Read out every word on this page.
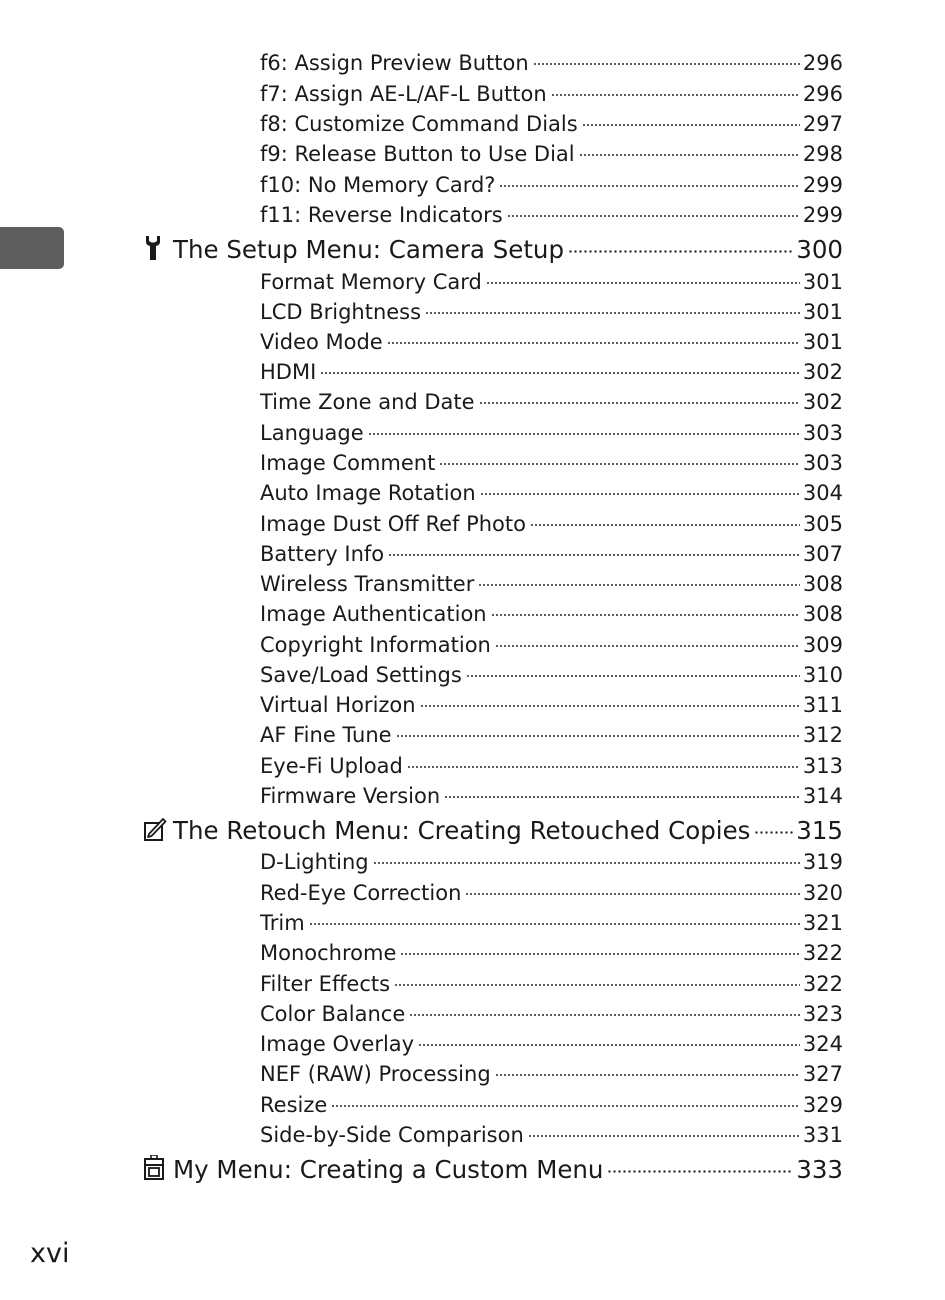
f6: Assign Preview Button	296
f7: Assign AE-L/AF-L Button	296
f8: Customize Command Dials	297
f9: Release Button to Use Dial	298
f10: No Memory Card?	299
f11: Reverse Indicators	299
The Setup Menu: Camera Setup	300
Format Memory Card	301
LCD Brightness	301
Video Mode	301
HDMI	302
Time Zone and Date	302
Language	303
Image Comment	303
Auto Image Rotation	304
Image Dust Off Ref Photo	305
Battery Info	307
Wireless Transmitter	308
Image Authentication	308
Copyright Information	309
Save/Load Settings	310
Virtual Horizon	311
AF Fine Tune	312
Eye-Fi Upload	313
Firmware Version	314
The Retouch Menu: Creating Retouched Copies 315
D-Lighting	319
Red-Eye Correction	320
Trim	321
Monochrome	322
Filter Effects	322
Color Balance	323
Image Overlay	324
NEF (RAW) Processing	327
Resize	329
Side-by-Side Comparison	331
My Menu: Creating a Custom Menu	333
xvi
